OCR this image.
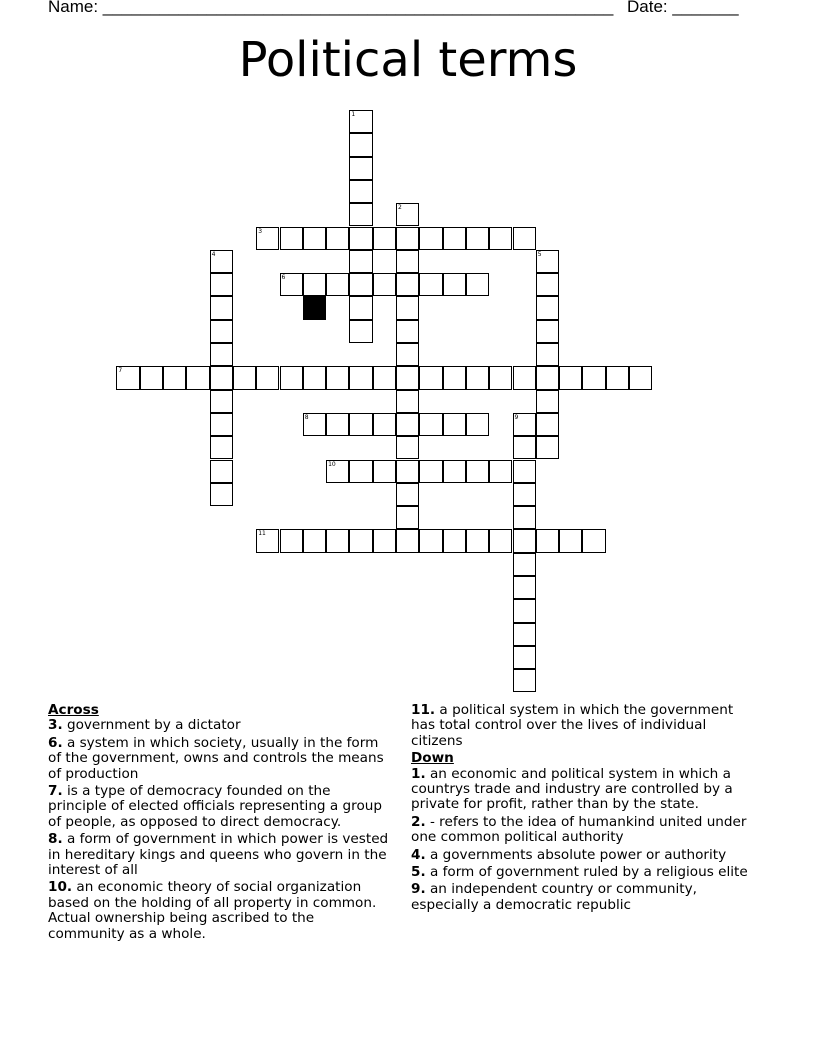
Name: ______________________________________________________ Date: _______
Political terms
1
2
3
4	5
6
7
8	9
10
11
Across
3. government by a dictator
6. a system in which society, usually in the form of the government, owns and controls the means of production
7. is a type of democracy founded on the principle of elected officials representing a group of people, as opposed to direct democracy.
8. a form of government in which power is vested in hereditary kings and queens who govern in the interest of all
10. an economic theory of social organization based on the holding of all property in common. Actual ownership being ascribed to the community as a whole.
11. a political system in which the government has total control over the lives of individual citizens
Down
1. an economic and political system in which a countrys trade and industry are controlled by a private for profit, rather than by the state.
2. - refers to the idea of humankind united under one common political authority
4. a governments absolute power or authority
5. a form of government ruled by a religious elite
9. an independent country or community, especially a democratic republic
